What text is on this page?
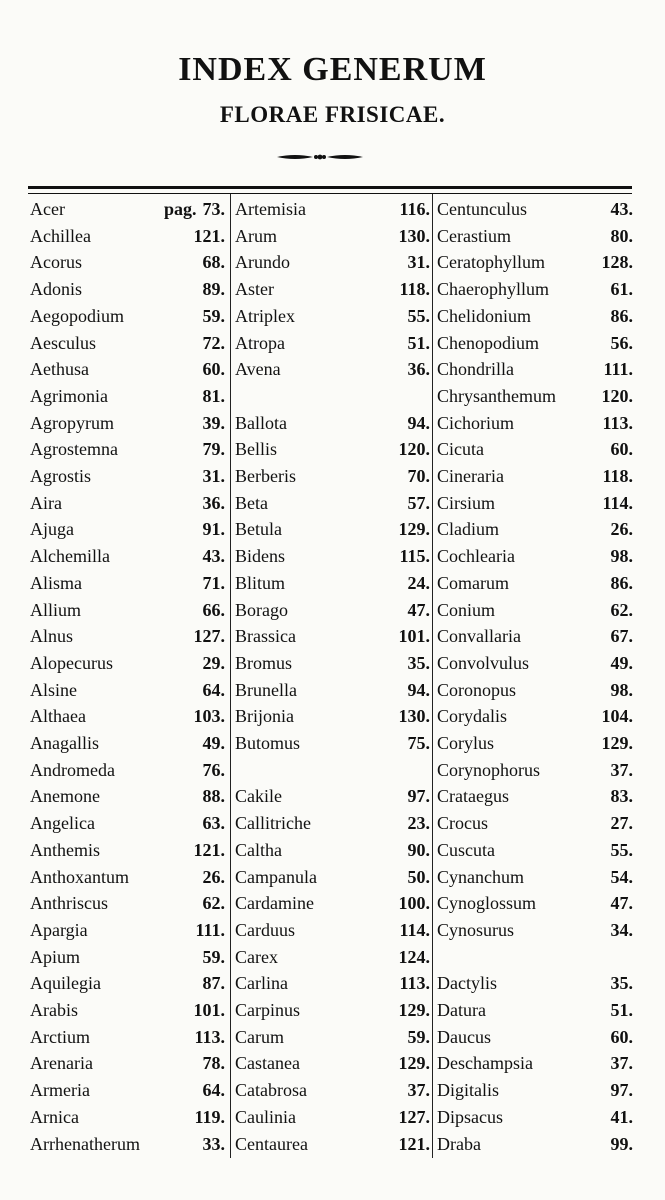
INDEX GENERUM
FLORAE FRISICAE.
Acer	pag. 73.
Achillea	121.
Acorus	68.
Adonis	89.
Aegopodium	59.
Aesculus	72.
Aethusa	60.
Agrimonia	81.
Agropyrum	39.
Agrostemna	79.
Agrostis	31.
Aira	36.
Ajuga	91.
Alchemilla	43.
Alisma	71.
Allium	66.
Alnus	127.
Alopecurus	29.
Alsine	64.
Althaea	103.
Anagallis	49.
Andromeda	76.
Anemone	88.
Angelica	63.
Anthemis	121.
Anthoxantum	26.
Anthriscus	62.
Apargia	111.
Apium	59.
Aquilegia	87.
Arabis	101.
Arctium	113.
Arenaria	78.
Armeria	64.
Arnica	119.
Arrhenatherum	33.
Artemisia	116.
Arum	130.
Arundo	31.
Aster	118.
Atriplex	55.
Atropa	51.
Avena	36.
Ballota	94.
Bellis	120.
Berberis	70.
Beta	57.
Betula	129.
Bidens	115.
Blitum	24.
Borago	47.
Brassica	101.
Bromus	35.
Brunella	94.
Brijonia	130.
Butomus	75.
Cakile	97.
Callitriche	23.
Caltha	90.
Campanula	50.
Cardamine	100.
Carduus	114.
Carex	124.
Carlina	113.
Carpinus	129.
Carum	59.
Castanea	129.
Catabrosa	37.
Caulinia	127.
Centaurea	121.
Centunculus	43.
Cerastium	80.
Ceratophyllum	128.
Chaerophyllum	61.
Chelidonium	86.
Chenopodium	56.
Chondrilla	111.
Chrysanthemum	120.
Cichorium	113.
Cicuta	60.
Cineraria	118.
Cirsium	114.
Cladium	26.
Cochlearia	98.
Comarum	86.
Conium	62.
Convallaria	67.
Convolvulus	49.
Coronopus	98.
Corydalis	104.
Corylus	129.
Corynophorus	37.
Crataegus	83.
Crocus	27.
Cuscuta	55.
Cynanchum	54.
Cynoglossum	47.
Cynosurus	34.
Dactylis	35.
Datura	51.
Daucus	60.
Deschampsia	37.
Digitalis	97.
Dipsacus	41.
Draba	99.
